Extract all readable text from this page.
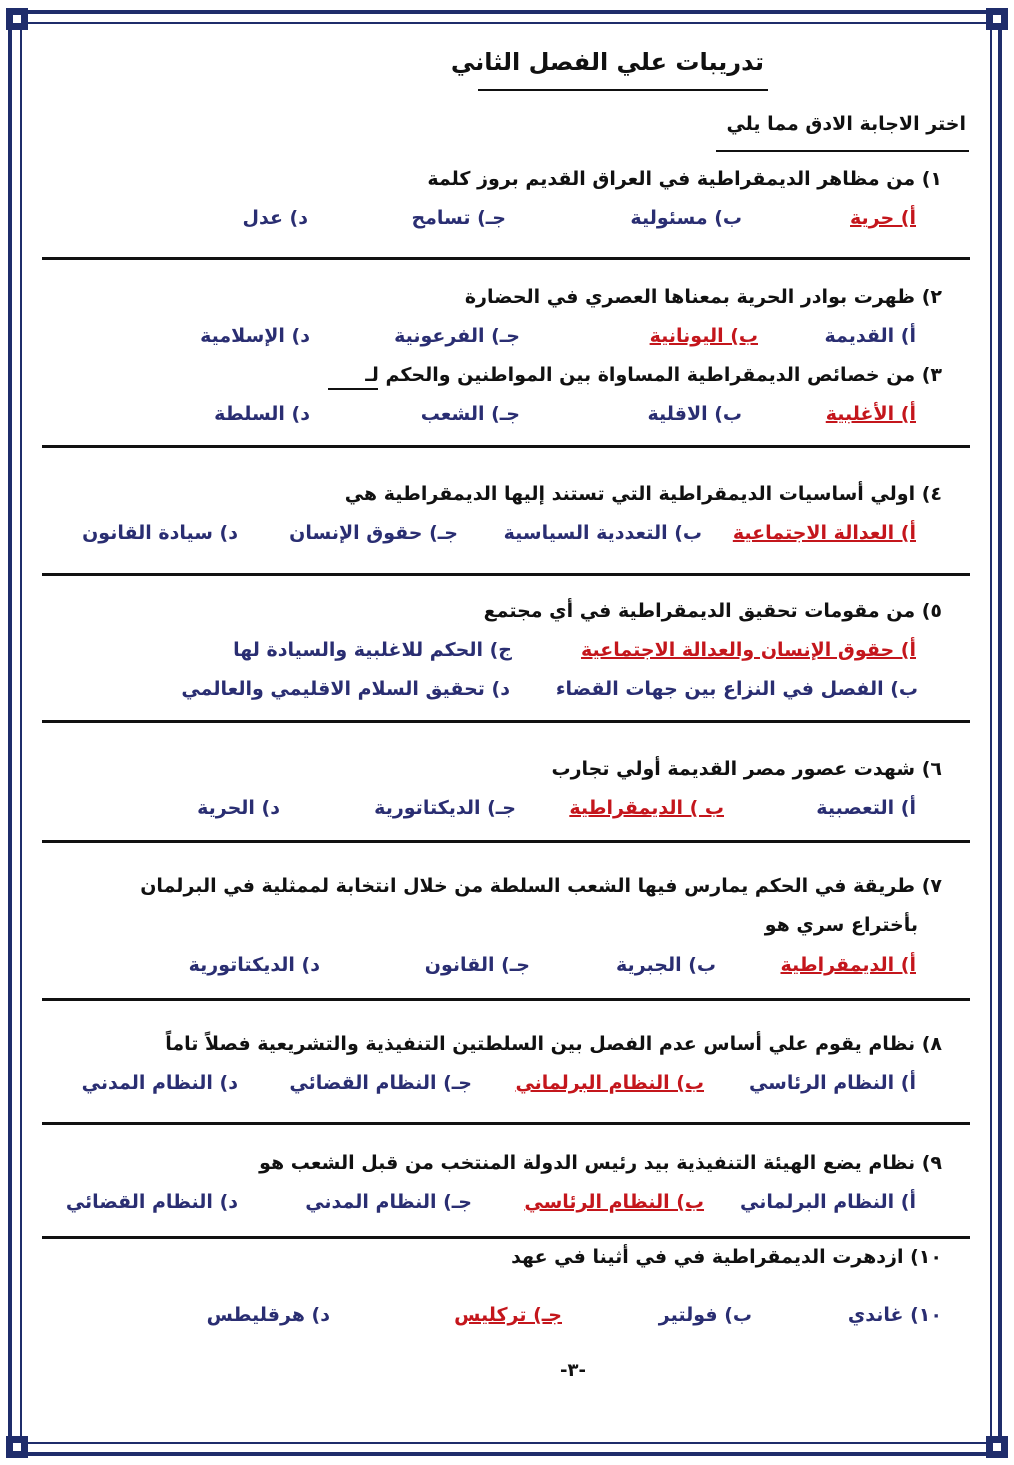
تدريبات علي الفصل الثاني
اختر الاجابة الادق مما يلي
١) من مظاهر الديمقراطية في العراق القديم بروز كلمة
أ) حرية
ب) مسئولية
جـ) تسامح
د) عدل
٢) ظهرت بوادر الحرية بمعناها العصري في الحضارة
أ) القديمة
ب) اليونانية
جـ) الفرعونية
د) الإسلامية
٣) من خصائص الديمقراطية المساواة بين المواطنين والحكم لـ
أ) الأغلبية
ب) الاقلية
جـ) الشعب
د) السلطة
٤) اولي أساسيات الديمقراطية التي تستند إليها الديمقراطية هي
أ) العدالة الاجتماعية
ب) التعددية السياسية
جـ) حقوق الإنسان
د) سيادة القانون
٥) من مقومات تحقيق الديمقراطية في أي مجتمع
أ) حقوق الإنسان والعدالة الاجتماعية
ج) الحكم للاغلبية والسيادة لها
ب) الفصل في النزاع بين جهات القضاء
د) تحقيق السلام الاقليمي والعالمي
٦) شهدت عصور مصر القديمة أولي تجارب
أ) التعصبية
ب ) الديمقراطية
جـ) الديكتاتورية
د) الحرية
٧) طريقة في الحكم يمارس فيها الشعب السلطة من خلال انتخابة لممثلية في البرلمان
بأختراع سري هو
أ) الديمقراطية
ب) الجبرية
جـ) القانون
د) الديكتاتورية
٨) نظام يقوم علي أساس عدم الفصل بين السلطتين التنفيذية والتشريعية فصلاً تاماً
أ) النظام الرئاسي
ب) النظام البرلماني
جـ) النظام القضائي
د) النظام المدني
٩) نظام يضع الهيئة التنفيذية بيد رئيس الدولة المنتخب من قبل الشعب هو
أ) النظام البرلماني
ب) النظام الرئاسي
جـ) النظام المدني
د) النظام القضائي
١٠) ازدهرت الديمقراطية في في أثينا في عهد
١٠) غاندي
ب) فولتير
جـ) تركليس
د) هرقليطس
-٣-
